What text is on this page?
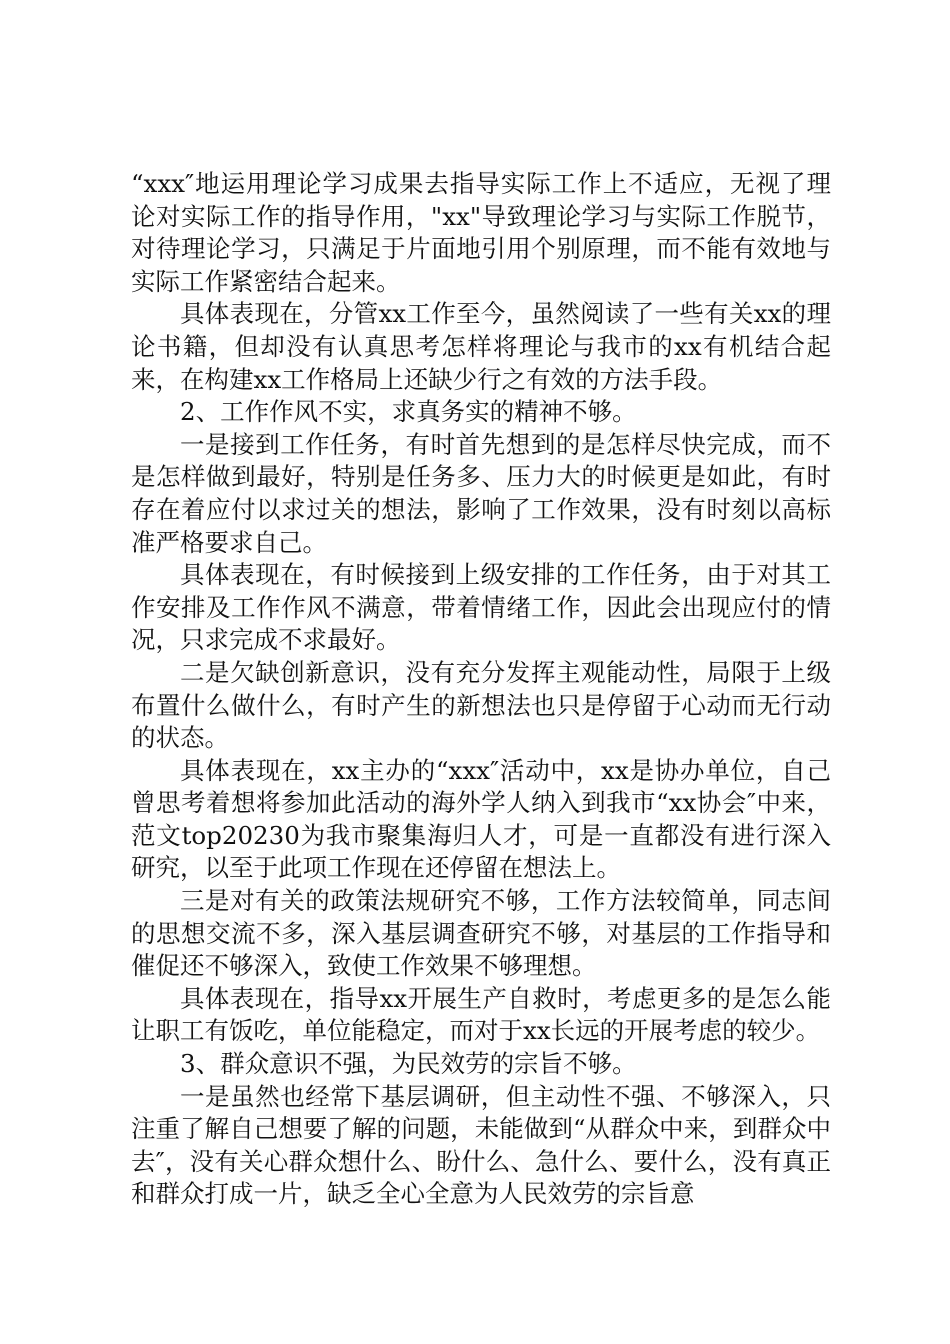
“xxx″地运用理论学习成果去指导实际工作上不适应，无视了理论对实际工作的指导作用，"xx"导致理论学习与实际工作脱节，对待理论学习，只满足于片面地引用个别原理，而不能有效地与实际工作紧密结合起来。

具体表现在，分管xx工作至今，虽然阅读了一些有关xx的理论书籍，但却没有认真思考怎样将理论与我市的xx有机结合起来，在构建xx工作格局上还缺少行之有效的方法手段。

2、工作作风不实，求真务实的精神不够。

一是接到工作任务，有时首先想到的是怎样尽快完成，而不是怎样做到最好，特别是任务多、压力大的时候更是如此，有时存在着应付以求过关的想法，影响了工作效果，没有时刻以高标准严格要求自己。

具体表现在，有时候接到上级安排的工作任务，由于对其工作安排及工作作风不满意，带着情绪工作，因此会出现应付的情况，只求完成不求最好。

二是欠缺创新意识，没有充分发挥主观能动性，局限于上级布置什么做什么，有时产生的新想法也只是停留于心动而无行动的状态。

具体表现在，xx主办的“xxx″活动中，xx是协办单位，自己曾思考着想将参加此活动的海外学人纳入到我市“xx协会″中来，范文top20230为我市聚集海归人才，可是一直都没有进行深入研究，以至于此项工作现在还停留在想法上。

三是对有关的政策法规研究不够，工作方法较简单，同志间的思想交流不多，深入基层调查研究不够，对基层的工作指导和催促还不够深入，致使工作效果不够理想。

具体表现在，指导xx开展生产自救时，考虑更多的是怎么能让职工有饭吃，单位能稳定，而对于xx长远的开展考虑的较少。

3、群众意识不强，为民效劳的宗旨不够。

一是虽然也经常下基层调研，但主动性不强、不够深入，只注重了解自己想要了解的问题，未能做到“从群众中来，到群众中去″，没有关心群众想什么、盼什么、急什么、要什么，没有真正和群众打成一片，缺乏全心全意为人民效劳的宗旨意
